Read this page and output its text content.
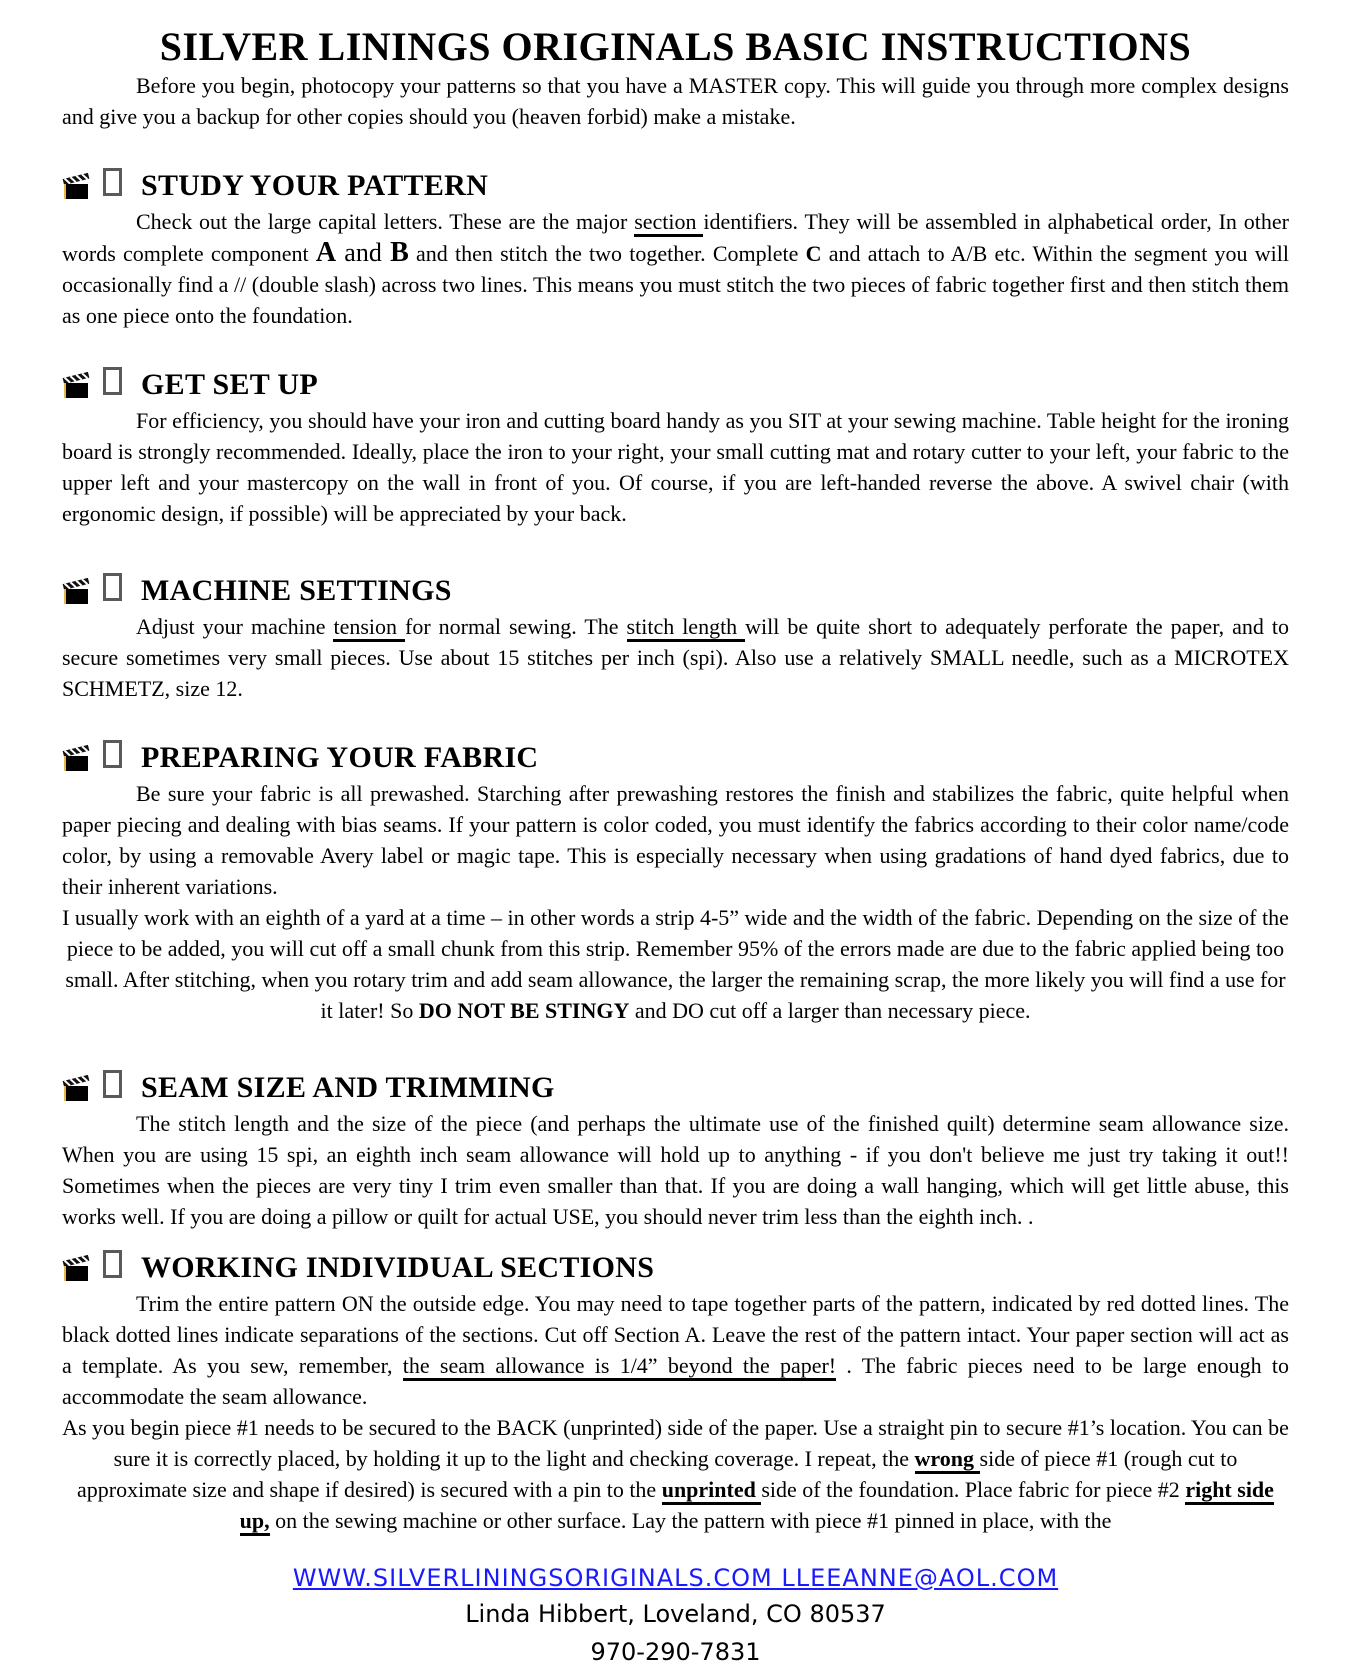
SILVER LININGS ORIGINALS BASIC INSTRUCTIONS

Before you begin, photocopy your patterns so that you have a MASTER copy. This will guide you through more complex designs and give you a backup for other copies should you (heaven forbid) make a mistake.

STUDY YOUR PATTERN

Check out the large capital letters. These are the major section identifiers. They will be assembled in alphabetical order, In other words complete component A and B and then stitch the two together. Complete C and attach to A/B etc. Within the segment you will occasionally find a // (double slash) across two lines. This means you must stitch the two pieces of fabric together first and then stitch them as one piece onto the foundation.

GET SET UP

For efficiency, you should have your iron and cutting board handy as you SIT at your sewing machine. Table height for the ironing board is strongly recommended. Ideally, place the iron to your right, your small cutting mat and rotary cutter to your left, your fabric to the upper left and your mastercopy on the wall in front of you. Of course, if you are left-handed reverse the above. A swivel chair (with ergonomic design, if possible) will be appreciated by your back.

MACHINE SETTINGS

Adjust your machine tension for normal sewing. The stitch length will be quite short to adequately perforate the paper, and to secure sometimes very small pieces. Use about 15 stitches per inch (spi). Also use a relatively SMALL needle, such as a MICROTEX SCHMETZ, size 12.

PREPARING YOUR FABRIC

Be sure your fabric is all prewashed. Starching after prewashing restores the finish and stabilizes the fabric, quite helpful when paper piecing and dealing with bias seams. If your pattern is color coded, you must identify the fabrics according to their color name/code color, by using a removable Avery label or magic tape. This is especially necessary when using gradations of hand dyed fabrics, due to their inherent variations.

I usually work with an eighth of a yard at a time – in other words a strip 4-5” wide and the width of the fabric. Depending on the size of the piece to be added, you will cut off a small chunk from this strip. Remember 95% of the errors made are due to the fabric applied being too small. After stitching, when you rotary trim and add seam allowance, the larger the remaining scrap, the more likely you will find a use for it later! So DO NOT BE STINGY and DO cut off a larger than necessary piece.

SEAM SIZE AND TRIMMING

The stitch length and the size of the piece (and perhaps the ultimate use of the finished quilt) determine seam allowance size. When you are using 15 spi, an eighth inch seam allowance will hold up to anything - if you don't believe me just try taking it out!! Sometimes when the pieces are very tiny I trim even smaller than that. If you are doing a wall hanging, which will get little abuse, this works well. If you are doing a pillow or quilt for actual USE, you should never trim less than the eighth inch. .

WORKING INDIVIDUAL SECTIONS

Trim the entire pattern ON the outside edge. You may need to tape together parts of the pattern, indicated by red dotted lines. The black dotted lines indicate separations of the sections. Cut off Section A. Leave the rest of the pattern intact. Your paper section will act as a template. As you sew, remember, the seam allowance is 1/4” beyond the paper! . The fabric pieces need to be large enough to accommodate the seam allowance.

As you begin piece #1 needs to be secured to the BACK (unprinted) side of the paper. Use a straight pin to secure #1’s location. You can be sure it is correctly placed, by holding it up to the light and checking coverage. I repeat, the wrong side of piece #1 (rough cut to approximate size and shape if desired) is secured with a pin to the unprinted side of the foundation. Place fabric for piece #2 right side up, on the sewing machine or other surface. Lay the pattern with piece #1 pinned in place, with the

WWW.SILVERLININGSORIGINALS.COM LLEEANNE@AOL.COM
Linda Hibbert, Loveland, CO 80537
970-290-7831
